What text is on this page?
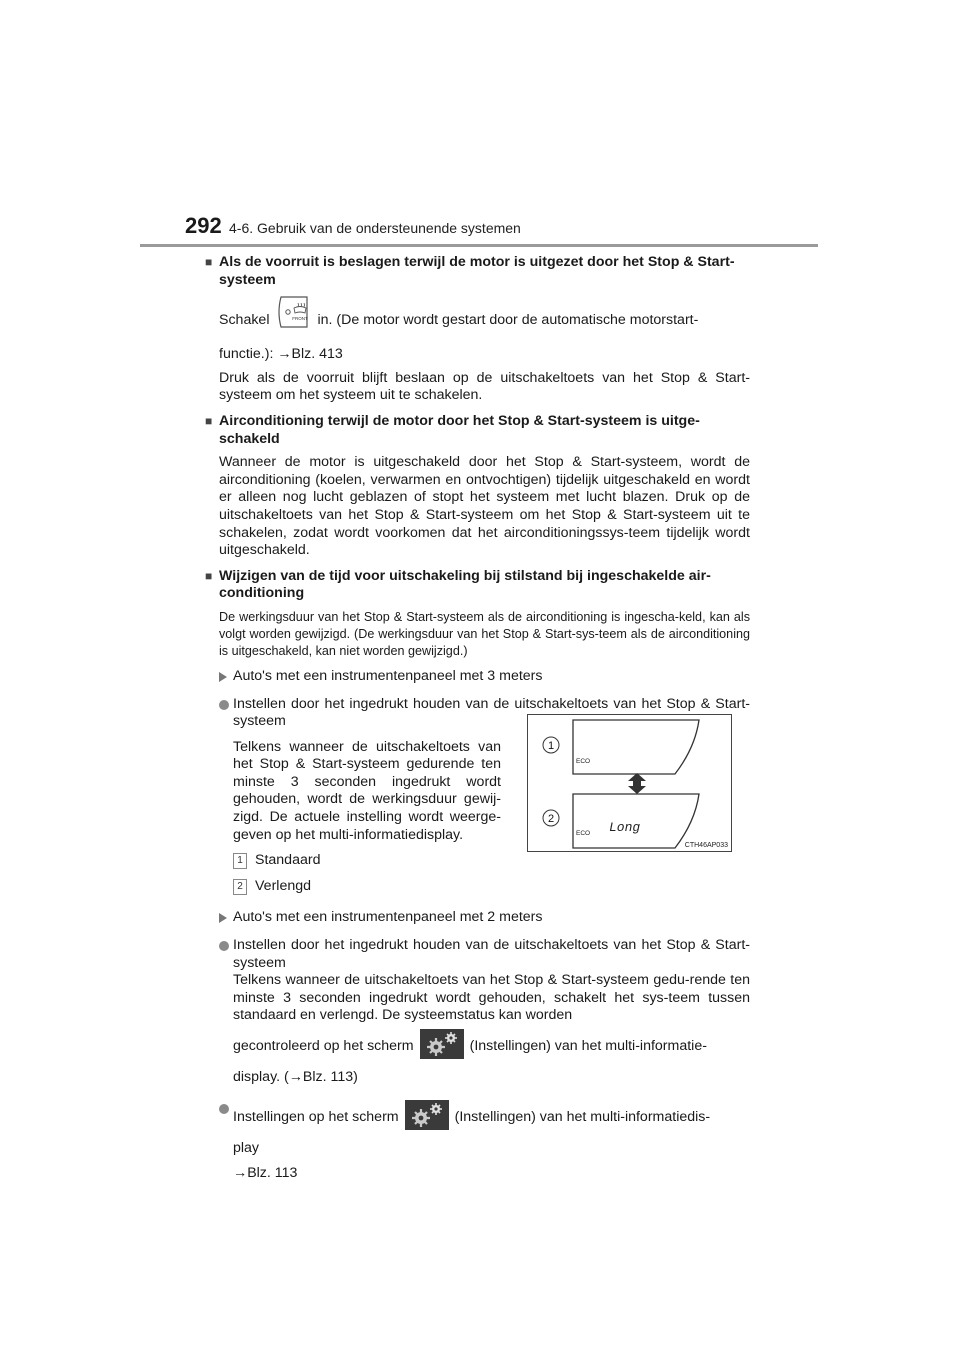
292 4-6. Gebruik van de ondersteunende systemen
■ Als de voorruit is beslagen terwijl de motor is uitgezet door het Stop & Start-systeem

Schakel	FRONT in. (De motor wordt gestart door de automatische motorstart-

functie.): →Blz. 413

Druk als de voorruit blijft beslaan op de uitschakeltoets van het Stop & Start-systeem om het systeem uit te schakelen.

■ Airconditioning terwijl de motor door het Stop & Start-systeem is uitge-schakeld

Wanneer de motor is uitgeschakeld door het Stop & Start-systeem, wordt de airconditioning (koelen, verwarmen en ontvochtigen) tijdelijk uitgeschakeld en wordt er alleen nog lucht geblazen of stopt het systeem met lucht blazen. Druk op de uitschakeltoets van het Stop & Start-systeem om het Stop & Start-systeem uit te schakelen, zodat wordt voorkomen dat het airconditioningssys-teem tijdelijk wordt uitgeschakeld.

■ Wijzigen van de tijd voor uitschakeling bij stilstand bij ingeschakelde air-conditioning

De werkingsduur van het Stop & Start-systeem als de airconditioning is ingescha-keld, kan als volgt worden gewijzigd. (De werkingsduur van het Stop & Start-sys-teem als de airconditioning is uitgeschakeld, kan niet worden gewijzigd.)

Auto's met een instrumentenpaneel met 3 meters
Instellen door het ingedrukt houden van de uitschakeltoets van het Stop & Start-systeem

Telkens wanneer de uitschakeltoets van het Stop & Start-systeem gedurende ten minste 3 seconden ingedrukt wordt gehouden, wordt de werkingsduur gewij-zigd. De actuele instelling wordt weerge-geven op het multi-informatiedisplay.

1 Standaard

2 Verlengd

Auto's met een instrumentenpaneel met 2 meters
Instellen door het ingedrukt houden van de uitschakeltoets van het Stop & Start-systeem
Telkens wanneer de uitschakeltoets van het Stop & Start-systeem gedu-rende ten minste 3 seconden ingedrukt wordt gehouden, schakelt het sys-teem tussen standaard en verlengd. De systeemstatus kan worden
gecontroleerd op het scherm	(Instellingen) van het multi-informatie-
display. (→Blz. 113)
Instellingen op het scherm	(Instellingen) van het multi-informatiedis-
play
→Blz. 113
1
2
ECO
ECO Long
CTH46AP033
